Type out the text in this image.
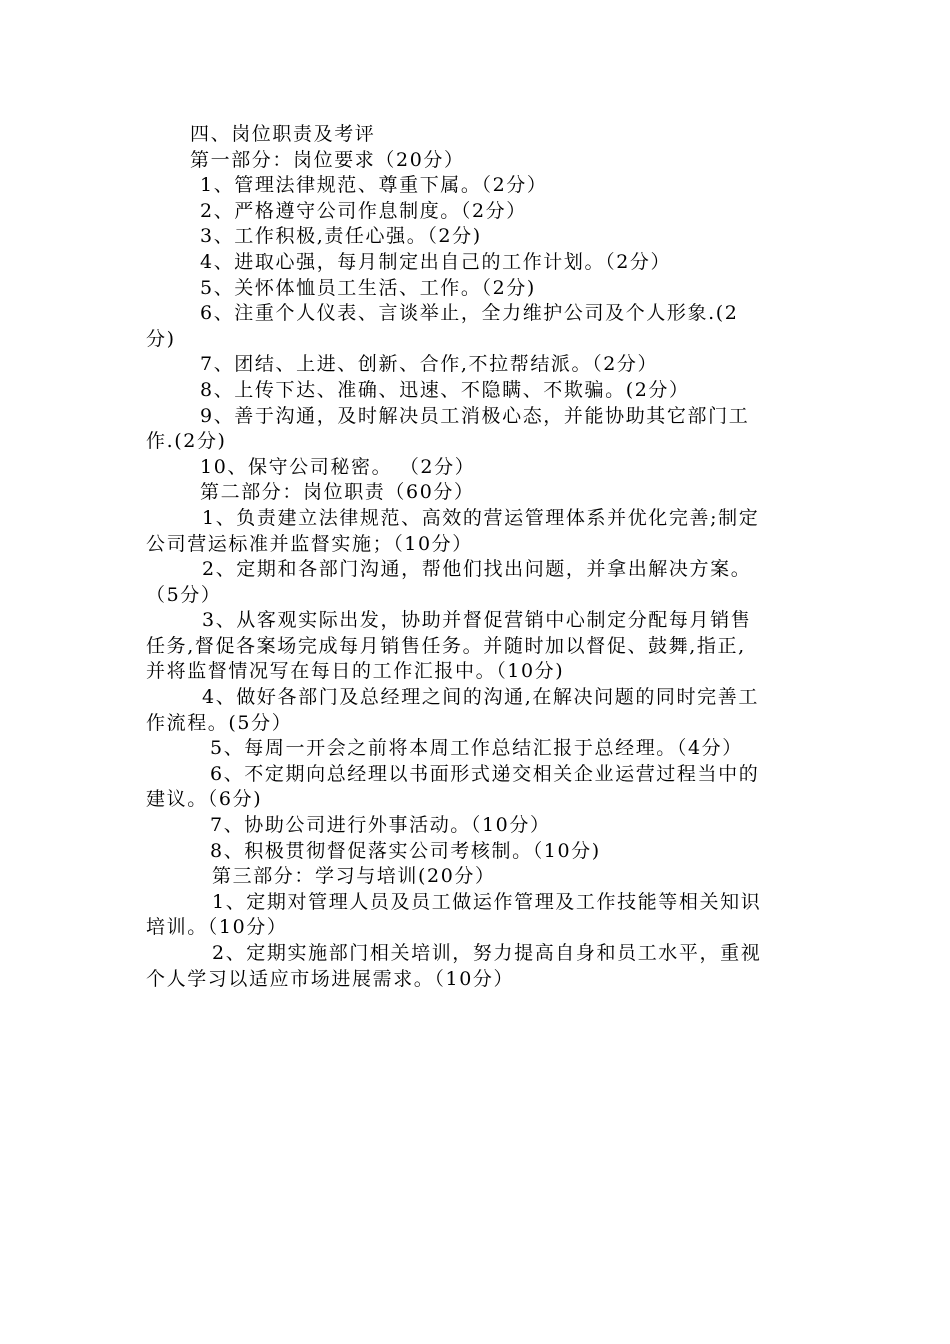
四、岗位职责及考评
第一部分：岗位要求（20分）
1、管理法律规范、尊重下属。（2分）
2、严格遵守公司作息制度。（2分）
3、工作积极,责任心强。（2分)
4、进取心强，每月制定出自己的工作计划。（2分）
5、关怀体恤员工生活、工作。（2分)
6、注重个人仪表、言谈举止，全力维护公司及个人形象.(2
分)
7、团结、上进、创新、合作,不拉帮结派。（2分）
8、上传下达、准确、迅速、不隐瞒、不欺骗。(2分）
9、善于沟通，及时解决员工消极心态，并能协助其它部门工
作.(2分)
10、保守公司秘密。 （2分）
第二部分：岗位职责（60分）
1、负责建立法律规范、高效的营运管理体系并优化完善;制定
公司营运标准并监督实施；（10分）
2、定期和各部门沟通，帮他们找出问题，并拿出解决方案。
（5分）
3、从客观实际出发，协助并督促营销中心制定分配每月销售
任务,督促各案场完成每月销售任务。并随时加以督促、鼓舞,指正,
并将监督情况写在每日的工作汇报中。（10分)
4、做好各部门及总经理之间的沟通,在解决问题的同时完善工
作流程。(5分）
5、每周一开会之前将本周工作总结汇报于总经理。（4分）
6、不定期向总经理以书面形式递交相关企业运营过程当中的
建议。（6分)
7、协助公司进行外事活动。（10分）
8、积极贯彻督促落实公司考核制。（10分)
第三部分：学习与培训(20分）
1、定期对管理人员及员工做运作管理及工作技能等相关知识
培训。（10分）
2、定期实施部门相关培训，努力提高自身和员工水平，重视
个人学习以适应市场进展需求。（10分）
